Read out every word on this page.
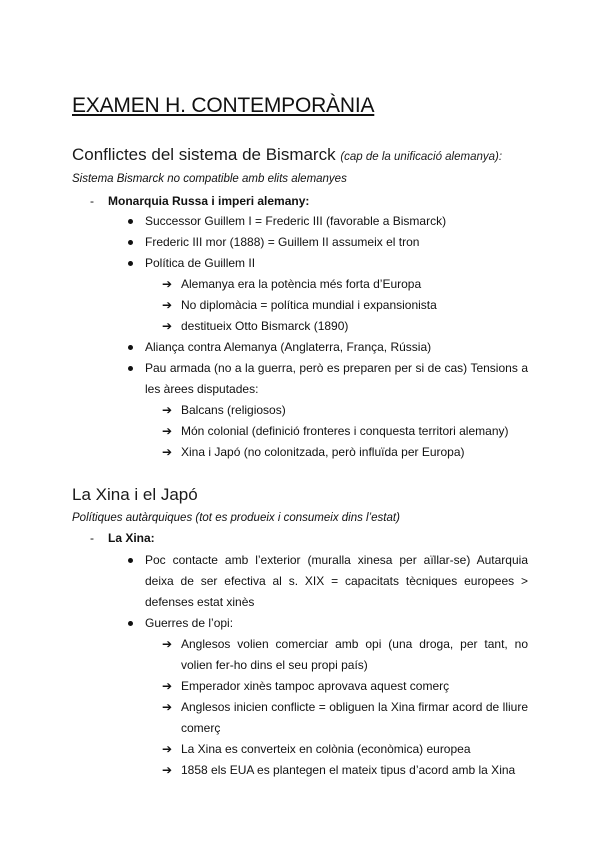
EXAMEN H. CONTEMPORÀNIA
Conflictes del sistema de Bismarck (cap de la unificació alemanya):
Sistema Bismarck no compatible amb elits alemanyes
- Monarquia Russa i imperi alemany:
Successor Guillem I = Frederic III (favorable a Bismarck)
Frederic III mor (1888) = Guillem II assumeix el tron
Política de Guillem II
➔ Alemanya era la potència més forta d’Europa
➔ No diplomàcia = política mundial i expansionista
➔ destitueix Otto Bismarck (1890)
Aliança contra Alemanya (Anglaterra, França, Rússia)
Pau armada (no a la guerra, però es preparen per si de cas) Tensions a les àrees disputades:
➔ Balcans (religiosos)
➔ Món colonial (definició fronteres i conquesta territori alemany)
➔ Xina i Japó (no colonitzada, però influïda per Europa)
La Xina i el Japó
Polítiques autàrquiques (tot es produeix i consumeix dins l’estat)
- La Xina:
Poc contacte amb l’exterior (muralla xinesa per aïllar-se) Autarquia deixa de ser efectiva al s. XIX = capacitats tècniques europees > defenses estat xinès
Guerres de l’opi:
➔ Anglesos volien comerciar amb opi (una droga, per tant, no volien fer-ho dins el seu propi país)
➔ Emperador xinès tampoc aprovava aquest comerç
➔ Anglesos inicien conflicte = obliguen la Xina firmar acord de lliure comerç
➔ La Xina es converteix en colònia (econòmica) europea
➔ 1858 els EUA es plantegen el mateix tipus d’acord amb la Xina
